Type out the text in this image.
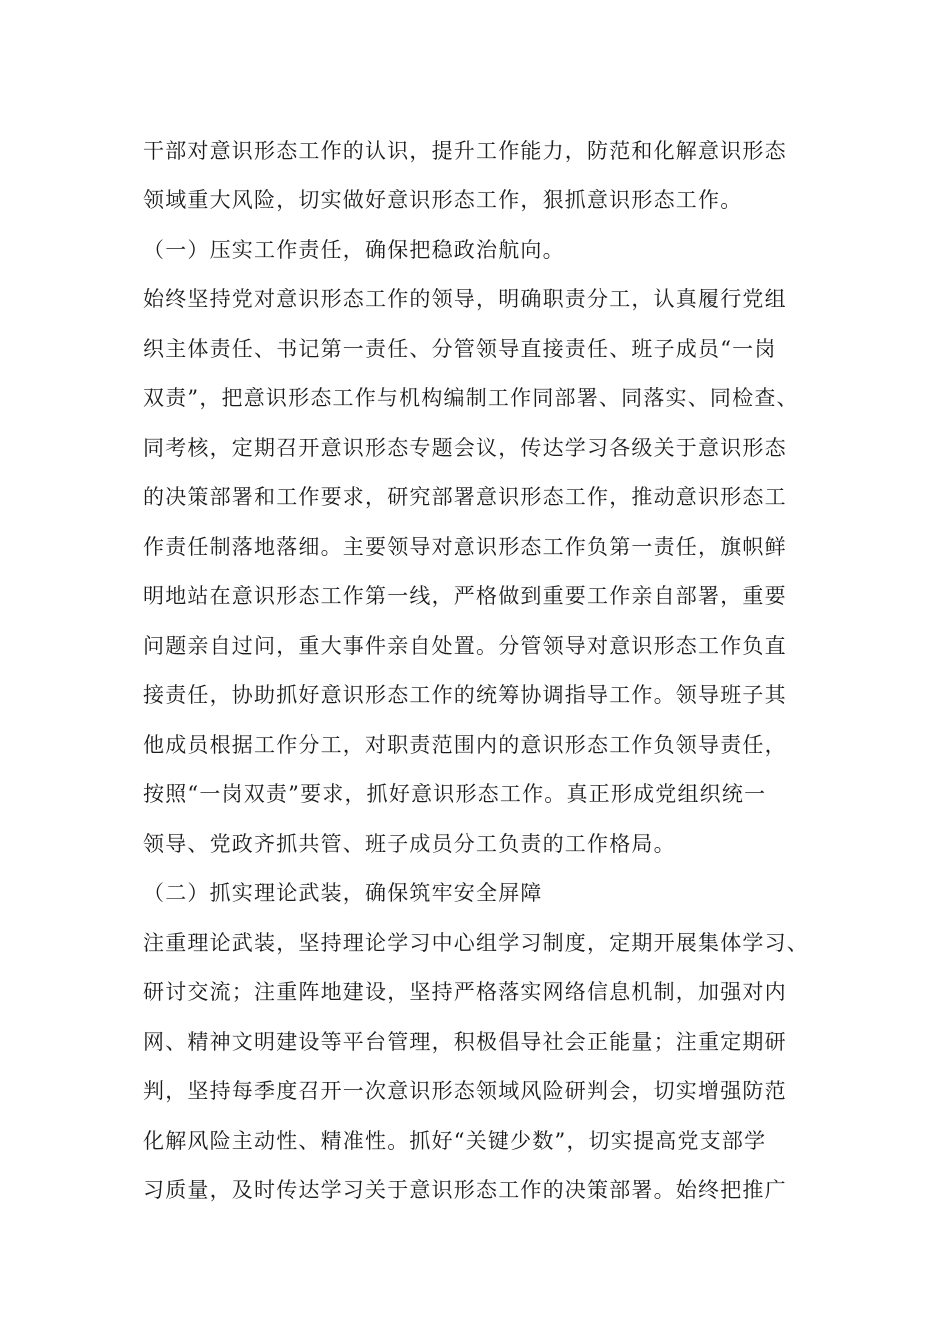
干部对意识形态工作的认识，提升工作能力，防范和化解意识形态
领域重大风险，切实做好意识形态工作，狠抓意识形态工作。
（一）压实工作责任，确保把稳政治航向。
始终坚持党对意识形态工作的领导，明确职责分工，认真履行党组
织主体责任、书记第一责任、分管领导直接责任、班子成员“一岗
双责”，把意识形态工作与机构编制工作同部署、同落实、同检查、
同考核，定期召开意识形态专题会议，传达学习各级关于意识形态
的决策部署和工作要求，研究部署意识形态工作，推动意识形态工
作责任制落地落细。主要领导对意识形态工作负第一责任，旗帜鲜
明地站在意识形态工作第一线，严格做到重要工作亲自部署，重要
问题亲自过问，重大事件亲自处置。分管领导对意识形态工作负直
接责任，协助抓好意识形态工作的统筹协调指导工作。领导班子其
他成员根据工作分工，对职责范围内的意识形态工作负领导责任，
按照“一岗双责”要求，抓好意识形态工作。真正形成党组织统一
领导、党政齐抓共管、班子成员分工负责的工作格局。
（二）抓实理论武装，确保筑牢安全屏障
注重理论武装，坚持理论学习中心组学习制度，定期开展集体学习、
研讨交流；注重阵地建设，坚持严格落实网络信息机制，加强对内
网、精神文明建设等平台管理，积极倡导社会正能量；注重定期研
判，坚持每季度召开一次意识形态领域风险研判会，切实增强防范
化解风险主动性、精准性。抓好“关键少数”，切实提高党支部学
习质量，及时传达学习关于意识形态工作的决策部署。始终把推广
